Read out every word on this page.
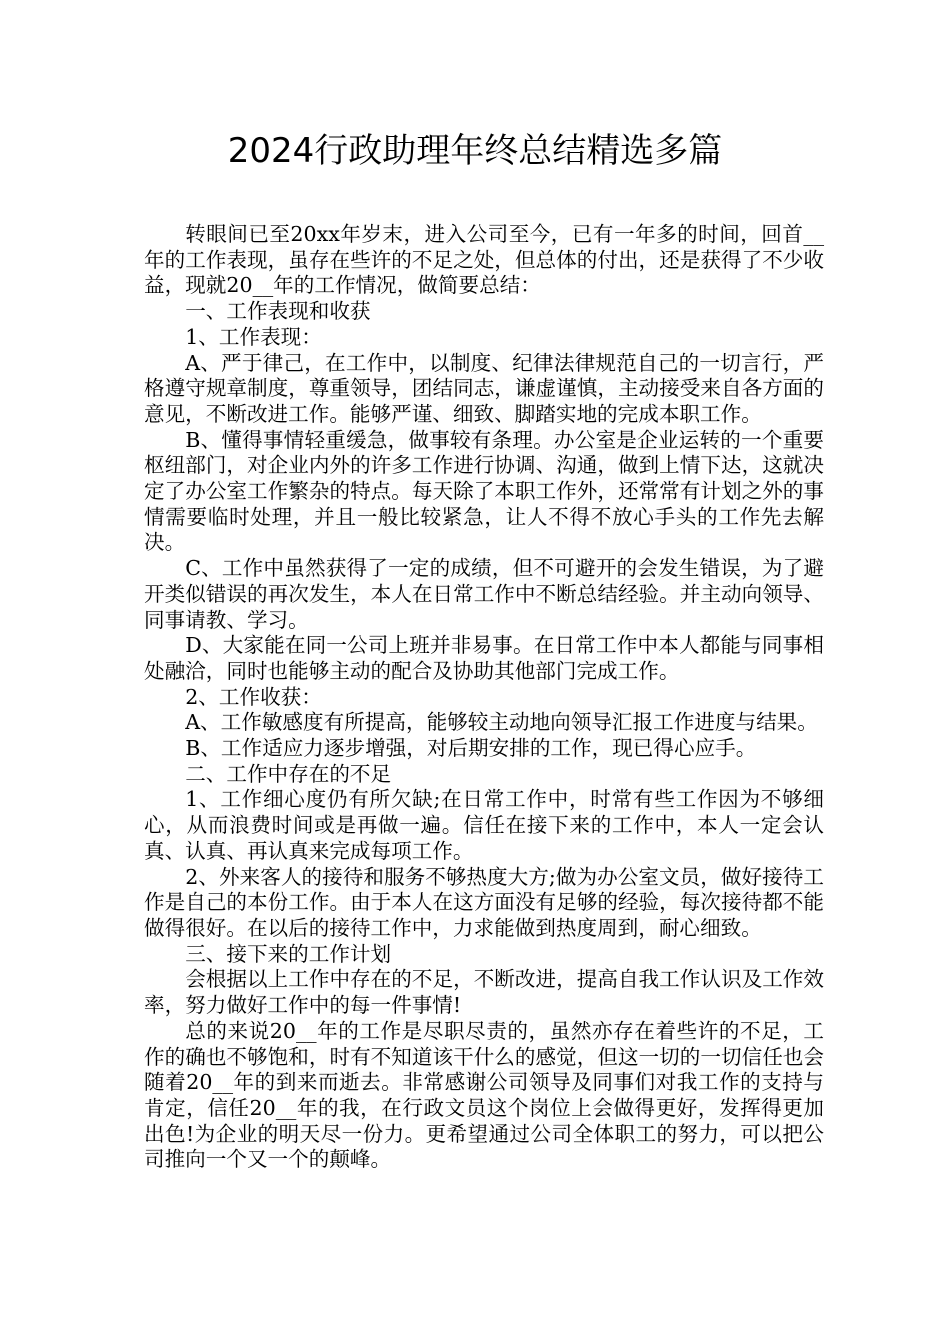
2024行政助理年终总结精选多篇

转眼间已至20xx年岁末，进入公司至今，已有一年多的时间，回首__年的工作表现，虽存在些许的不足之处，但总体的付出，还是获得了不少收益，现就20__年的工作情况，做简要总结：

一、工作表现和收获

1、工作表现：

A、严于律己，在工作中，以制度、纪律法律规范自己的一切言行，严格遵守规章制度，尊重领导，团结同志，谦虚谨慎，主动接受来自各方面的意见，不断改进工作。能够严谨、细致、脚踏实地的完成本职工作。

B、懂得事情轻重缓急，做事较有条理。办公室是企业运转的一个重要枢纽部门，对企业内外的许多工作进行协调、沟通，做到上情下达，这就决定了办公室工作繁杂的特点。每天除了本职工作外，还常常有计划之外的事情需要临时处理，并且一般比较紧急，让人不得不放心手头的工作先去解决。

C、工作中虽然获得了一定的成绩，但不可避开的会发生错误，为了避开类似错误的再次发生，本人在日常工作中不断总结经验。并主动向领导、同事请教、学习。

D、大家能在同一公司上班并非易事。在日常工作中本人都能与同事相处融洽，同时也能够主动的配合及协助其他部门完成工作。

2、工作收获：

A、工作敏感度有所提高，能够较主动地向领导汇报工作进度与结果。

B、工作适应力逐步增强，对后期安排的工作，现已得心应手。

二、工作中存在的不足

1、工作细心度仍有所欠缺;在日常工作中，时常有些工作因为不够细心，从而浪费时间或是再做一遍。信任在接下来的工作中，本人一定会认真、认真、再认真来完成每项工作。

2、外来客人的接待和服务不够热度大方;做为办公室文员，做好接待工作是自己的本份工作。由于本人在这方面没有足够的经验，每次接待都不能做得很好。在以后的接待工作中，力求能做到热度周到，耐心细致。

三、接下来的工作计划

会根据以上工作中存在的不足，不断改进，提高自我工作认识及工作效率，努力做好工作中的每一件事情!

总的来说20__年的工作是尽职尽责的，虽然亦存在着些许的不足，工作的确也不够饱和，时有不知道该干什么的感觉，但这一切的一切信任也会随着20__年的到来而逝去。非常感谢公司领导及同事们对我工作的支持与肯定，信任20__年的我，在行政文员这个岗位上会做得更好，发挥得更加出色!为企业的明天尽一份力。更希望通过公司全体职工的努力，可以把公司推向一个又一个的颠峰。
